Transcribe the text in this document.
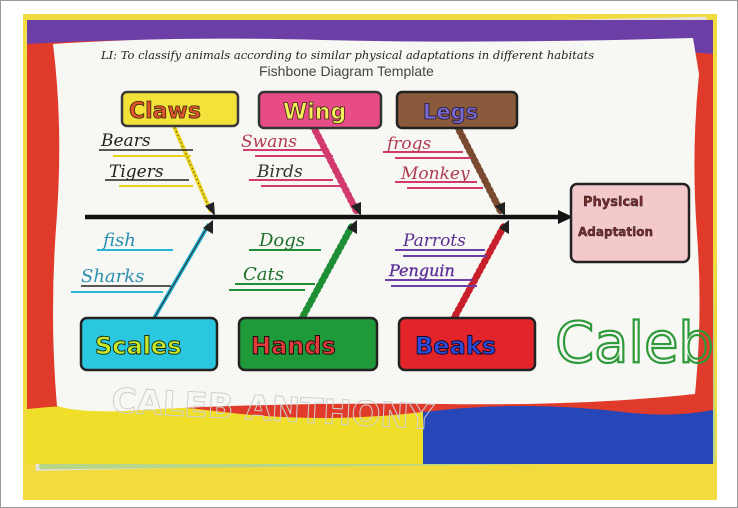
LI: To classify animals according to similar physical adaptations in different habitats
Fishbone Diagram Template
Physical
Adaptation
Claws
Bears
Tigers
Wing
Swans
Birds
Legs
frogs
Monkey
Scales
fish
Sharks
Hands
Dogs
Cats
Beaks
Parrots
Penguin
Caleb
CALEB ANTHONY
